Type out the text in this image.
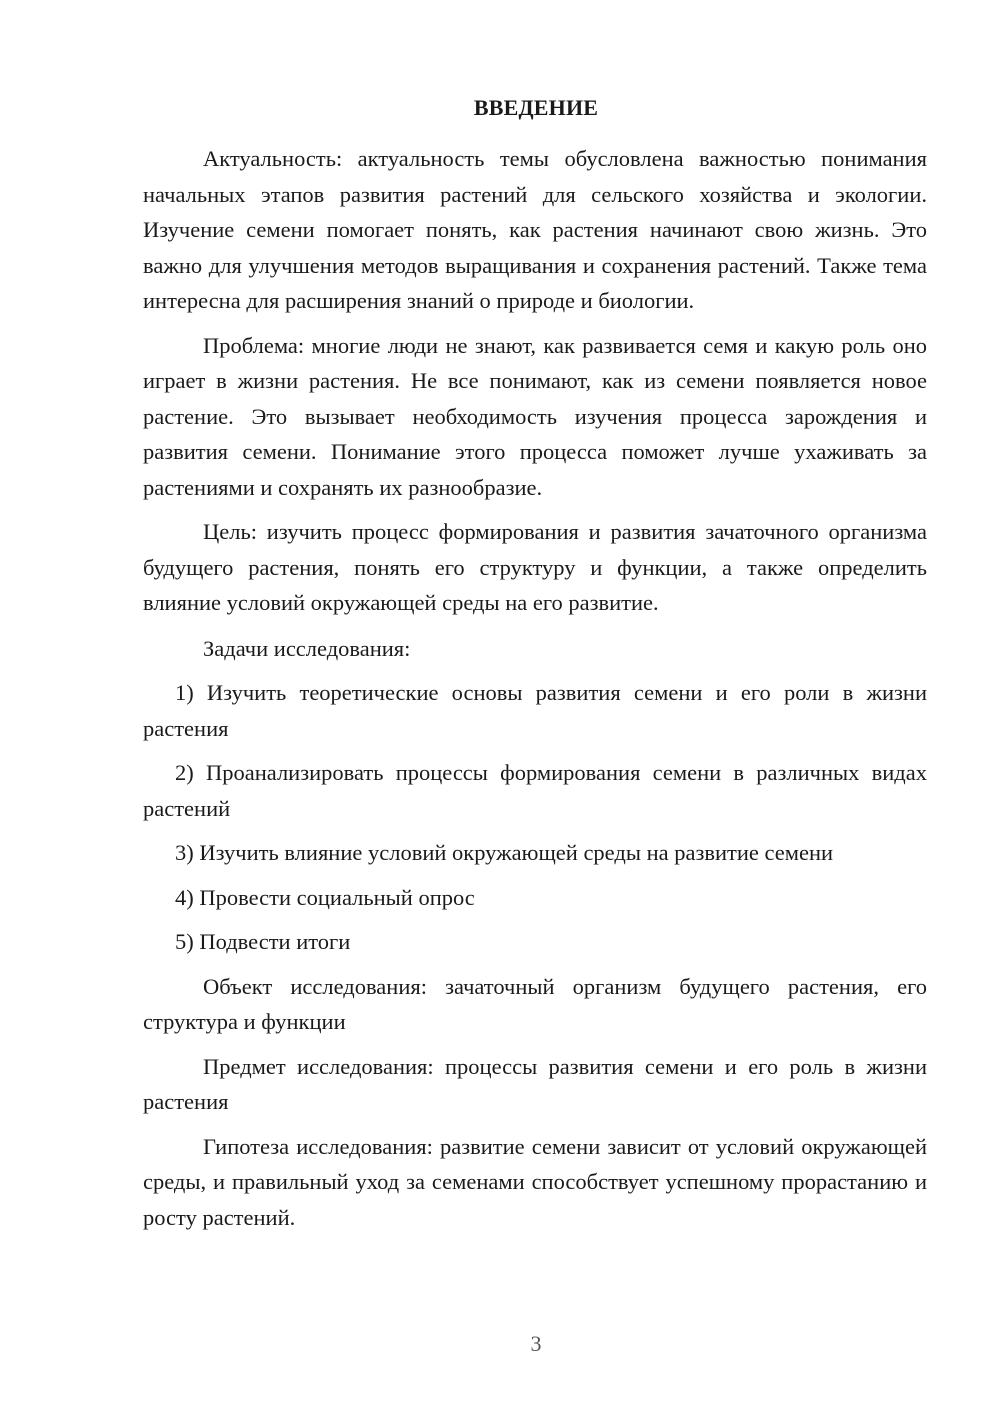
ВВЕДЕНИЕ

Актуальность: актуальность темы обусловлена важностью понимания начальных этапов развития растений для сельского хозяйства и экологии. Изучение семени помогает понять, как растения начинают свою жизнь. Это важно для улучшения методов выращивания и сохранения растений. Также тема интересна для расширения знаний о природе и биологии.

Проблема: многие люди не знают, как развивается семя и какую роль оно играет в жизни растения. Не все понимают, как из семени появляется новое растение. Это вызывает необходимость изучения процесса зарождения и развития семени. Понимание этого процесса поможет лучше ухаживать за растениями и сохранять их разнообразие.

Цель: изучить процесс формирования и развития зачаточного организма будущего растения, понять его структуру и функции, а также определить влияние условий окружающей среды на его развитие.

Задачи исследования:

1) Изучить теоретические основы развития семени и его роли в жизни растения

2) Проанализировать процессы формирования семени в различных видах растений

3) Изучить влияние условий окружающей среды на развитие семени

4) Провести социальный опрос

5) Подвести итоги

Объект исследования: зачаточный организм будущего растения, его структура и функции

Предмет исследования: процессы развития семени и его роль в жизни растения

Гипотеза исследования: развитие семени зависит от условий окружающей среды, и правильный уход за семенами способствует успешному прорастанию и росту растений.

3
